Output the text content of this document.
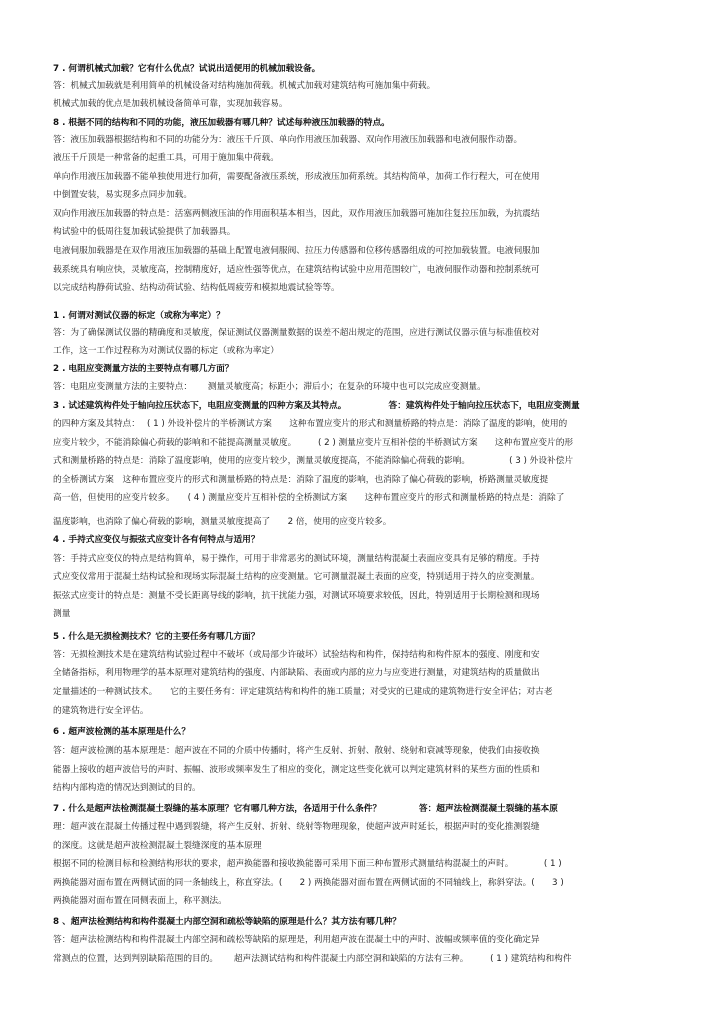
7 . 何谓机械式加载？它有什么优点？试说出适便用的机械加载设备。
答：机械式加载就是利用简单的机械设备对结构施加荷载。机械式加载对建筑结构可施加集中荷载。
机械式加载的优点是加载机械设备简单可靠，实现加载容易。
8 . 根据不同的结构和不同的功能，液压加载器有哪几种？试述每种液压加载器的特点。
答：液压加载器根据结构和不同的功能分为：液压千斤顶、单向作用液压加载器、双向作用液压加载器和电液伺服作动器。
液压千斤顶是一种常备的起重工具，可用于施加集中荷载。
单向作用液压加载器不能单独使用进行加荷，需要配备液压系统，形成液压加荷系统。其结构简单，加荷工作行程大，可在使用
中倒置安装，易实现多点同步加载。
双向作用液压加载器的特点是：活塞两侧液压油的作用面积基本相当，因此，双作用液压加载器可施加往复拉压加载，为抗震结
构试验中的低周往复加载试验提供了加载器具。
电液伺服加载器是在双作用液压加载器的基础上配置电液伺服阀、拉压力传感器和位移传感器组成的可控加载装置。电液伺服加
载系统具有响应快，灵敏度高，控制精度好，适应性强等优点，在建筑结构试验中应用范围较广，电液伺服作动器和控制系统可
以完成结构静荷试验、结构动荷试验、结构低周疲劳和模拟地震试验等等。
1 . 何谓对测试仪器的标定（或称为率定）？
答：为了确保测试仪器的精确度和灵敏度，保证测试仪器测量数据的误差不超出规定的范围，应进行测试仪器示值与标准值校对
工作，这一工作过程称为对测试仪器的标定（或称为率定）
2 . 电阻应变测量方法的主要特点有哪几方面？
答：电阻应变测量方法的主要特点：　　 测量灵敏度高；标距小；滞后小；在复杂的环境中也可以完成应变测量。
3 . 试述建筑构件处于轴向拉压状态下，电阻应变测量的四种方案及其特点。　　　　　 答：建筑构件处于轴向拉压状态下，电阻应变测量
的四种方案及其特点：　 ( 1 ) 外设补偿片的半桥测试方案　　这种布置应变片的形式和测量桥路的特点是：消除了温度的影响，使用的
应变片较少，不能消除偏心荷载的影响和不能提高测量灵敏度。　　　( 2 ) 测量应变片互相补偿的半桥测试方案　　这种布置应变片的形
式和测量桥路的特点是：消除了温度影响，使用的应变片较少，测量灵敏度提高，不能消除偏心荷载的影响。　　　　　( 3 ) 外设补偿片
的全桥测试方案　这种布置应变片的形式和测量桥路的特点是：消除了温度的影响，也消除了偏心荷载的影响，桥路测量灵敏度提
高一倍，但使用的应变片较多。　　( 4 ) 测量应变片互相补偿的全桥测试方案　　这种布置应变片的形式和测量桥路的特点是：消除了
温度影响，也消除了偏心荷载的影响，测量灵敏度提高了　　2 倍，使用的应变片较多。
4 . 手持式应变仪与振弦式应变计各有何特点与适用？
答：手持式应变仪的特点是结构简单，易于操作，可用于非常恶劣的测试环境，测量结构混凝土表面应变具有足够的精度。手持
式应变仪常用于混凝土结构试验和现场实际混凝土结构的应变测量。它可测量混凝土表面的应变，特别适用于持久的应变测量。
振弦式应变计的特点是：测量不受长距离导线的影响，抗干扰能力强，对测试环境要求较低，因此，特别适用于长期检测和现场
测量
5 . 什么是无损检测技术？它的主要任务有哪几方面？
答：无损检测技术是在建筑结构试验过程中不破坏（或局部少许破坏）试验结构和构件，保持结构和构件原本的强度、刚度和安
全储备指标，利用物理学的基本原理对建筑结构的强度、内部缺陷、表面或内部的应力与应变进行测量，对建筑结构的质量做出
定量描述的一种测试技术。　　它的主要任务有：评定建筑结构和构件的施工质量；对受灾的已建成的建筑物进行安全评估；对古老
的建筑物进行安全评估。
6 . 超声波检测的基本原理是什么？
答：超声波检测的基本原理是：超声波在不同的介质中传播时，将产生反射、折射、散射、绕射和衰减等现象，使我们由接收换
能器上接收的超声波信号的声时、振幅、波形或频率发生了相应的变化，测定这些变化就可以判定建筑材料的某些方面的性质和
结构内部构造的情况达到测试的目的。
7 . 什么是超声法检测混凝土裂缝的基本原理？它有哪几种方法，各适用于什么条件？　　　　 答：超声法检测混凝土裂缝的基本原
理：超声波在混凝土传播过程中遇到裂缝，将产生反射、折射、绕射等物理现象，使超声波声时延长，根据声时的变化推测裂缝
的深度。这就是超声波检测混凝土裂缝深度的基本原理
根据不同的检测目标和检测结构形状的要求，超声换能器和接收换能器可采用下面三种布置形式测量结构混凝土的声时。　　　　( 1 )
两换能器对面布置在两侧试面的同一条轴线上，称直穿法。(　　2 ) 两换能器对面布置在两侧试面的不同轴线上，称斜穿法。(　　3 )
两换能器对面布置在同侧表面上，称平测法。
8 、超声法检测结构和构件混凝土内部空洞和疏松等缺陷的原理是什么？其方法有哪几种？
答：超声法检测结构和构件混凝土内部空洞和疏松等缺陷的原理是，利用超声波在混凝土中的声时、波幅或频率值的变化确定异
常测点的位置，达到判别缺陷范围的目的。　　 超声法测试结构和构件混凝土内部空洞和缺陷的方法有三种。　　　( 1 ) 建筑结构和构件
